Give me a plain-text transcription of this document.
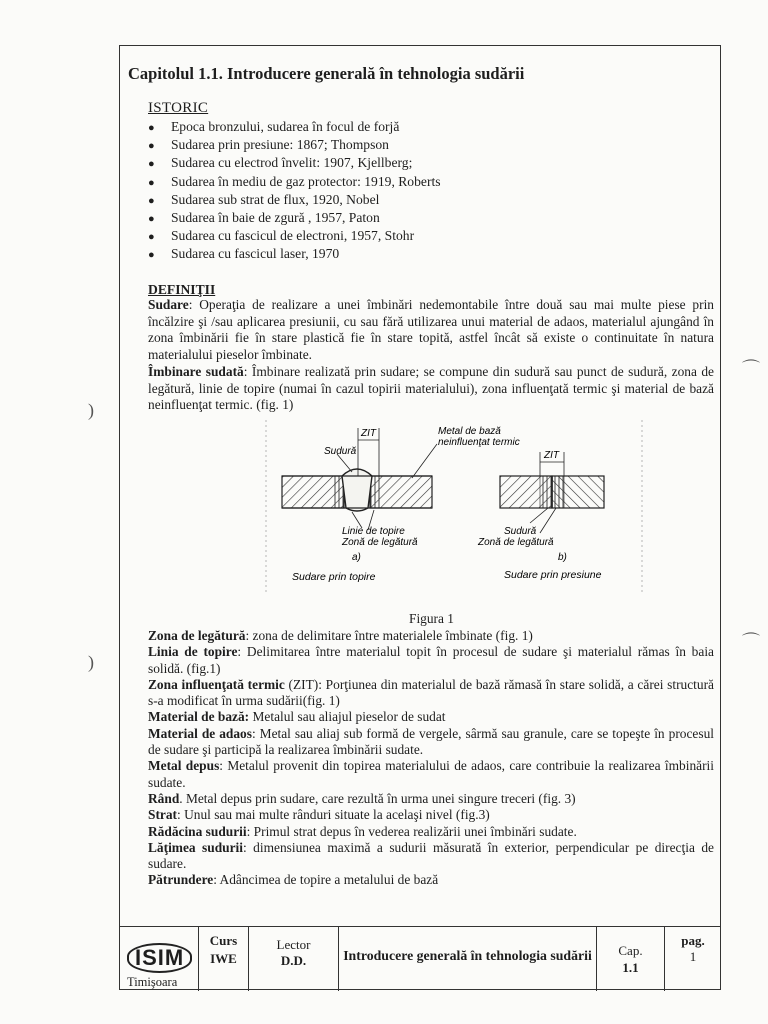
)
)
⌒
⌒
Capitolul 1.1. Introducere generală în tehnologia sudării
ISTORIC
● Epoca bronzului, sudarea în focul de forjă
● Sudarea prin presiune: 1867; Thompson
● Sudarea cu electrod învelit: 1907, Kjellberg;
● Sudarea în mediu de gaz protector: 1919, Roberts
● Sudarea sub strat de flux, 1920, Nobel
● Sudarea în baie de zgură , 1957, Paton
● Sudarea cu fascicul de electroni, 1957, Stohr
● Sudarea cu fascicul laser, 1970
DEFINIŢII
Sudare: Operaţia de realizare a unei îmbinări nedemontabile între două sau mai multe piese prin încălzire şi /sau aplicarea presiunii, cu sau fără utilizarea unui material de adaos, materialul ajungând în zona îmbinării fie în stare plastică fie în stare topită, astfel încât să existe o continuitate în natura materialului pieselor îmbinate.
Îmbinare sudată: Îmbinare realizată prin sudare; se compune din sudură sau punct de sudură, zona de legătură, linie de topire (numai în cazul topirii materialului), zona influenţată termic şi material de bază neinfluenţat termic. (fig. 1)
ZIT
Sudură
Metal de bază
neinfluenţat termic
ZIT
Linie de topire
Zonă de legătură
a)
Sudare prin topire
Sudură
Zonă de legătură
b)
Sudare prin presiune
Figura 1
Zona de legătură: zona de delimitare între materialele îmbinate (fig. 1)
Linia de topire: Delimitarea între materialul topit în procesul de sudare şi materialul rămas în baia solidă. (fig.1)
Zona influenţată termic (ZIT): Porţiunea din materialul de bază rămasă în stare solidă, a cărei structură s-a modificat în urma sudării(fig. 1)
Material de bază: Metalul sau aliajul pieselor de sudat
Material de adaos: Metal sau aliaj sub formă de vergele, sârmă sau granule, care se topeşte în procesul de sudare şi participă la realizarea îmbinării sudate.
Metal depus: Metalul provenit din topirea materialului de adaos, care contribuie la realizarea îmbinării sudate.
Rând. Metal depus prin sudare, care rezultă în urma unei singure treceri (fig. 3)
Strat: Unul sau mai multe rânduri situate la acelaşi nivel (fig.3)
Rădăcina sudurii: Primul strat depus în vederea realizării unei îmbinări sudate.
Lăţimea sudurii: dimensiunea maximă a sudurii măsurată în exterior, perpendicular pe direcţia de sudare.
Pătrundere: Adâncimea de topire a metalului de bază
ISIM
Timişoara
Curs
IWE
Lector
D.D.	Introducere generală în tehnologia sudării	Cap.
1.1
pag.
1
